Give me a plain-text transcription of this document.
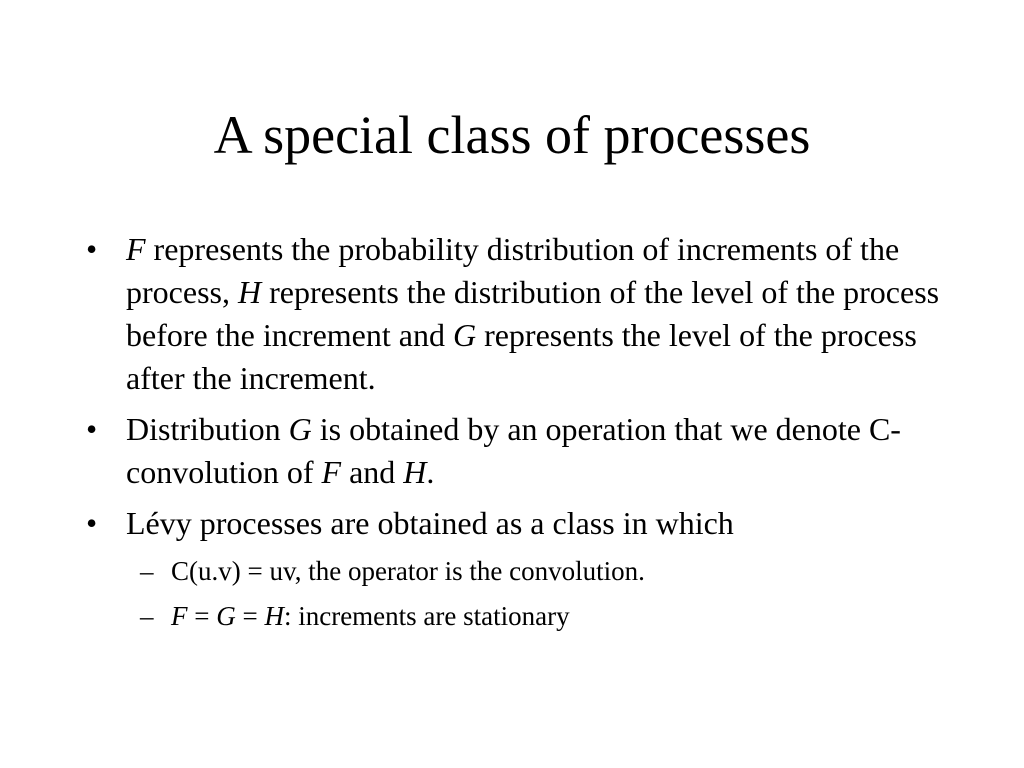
A special class of processes
• F represents the probability distribution of increments of the process, H represents the distribution of the level of the process before the increment and G represents the level of the process after the increment.
• Distribution G is obtained by an operation that we denote C-convolution of F and H.
• Lévy processes are obtained as a class in which
– C(u.v) = uv, the operator is the convolution.
– F = G = H: increments are stationary
